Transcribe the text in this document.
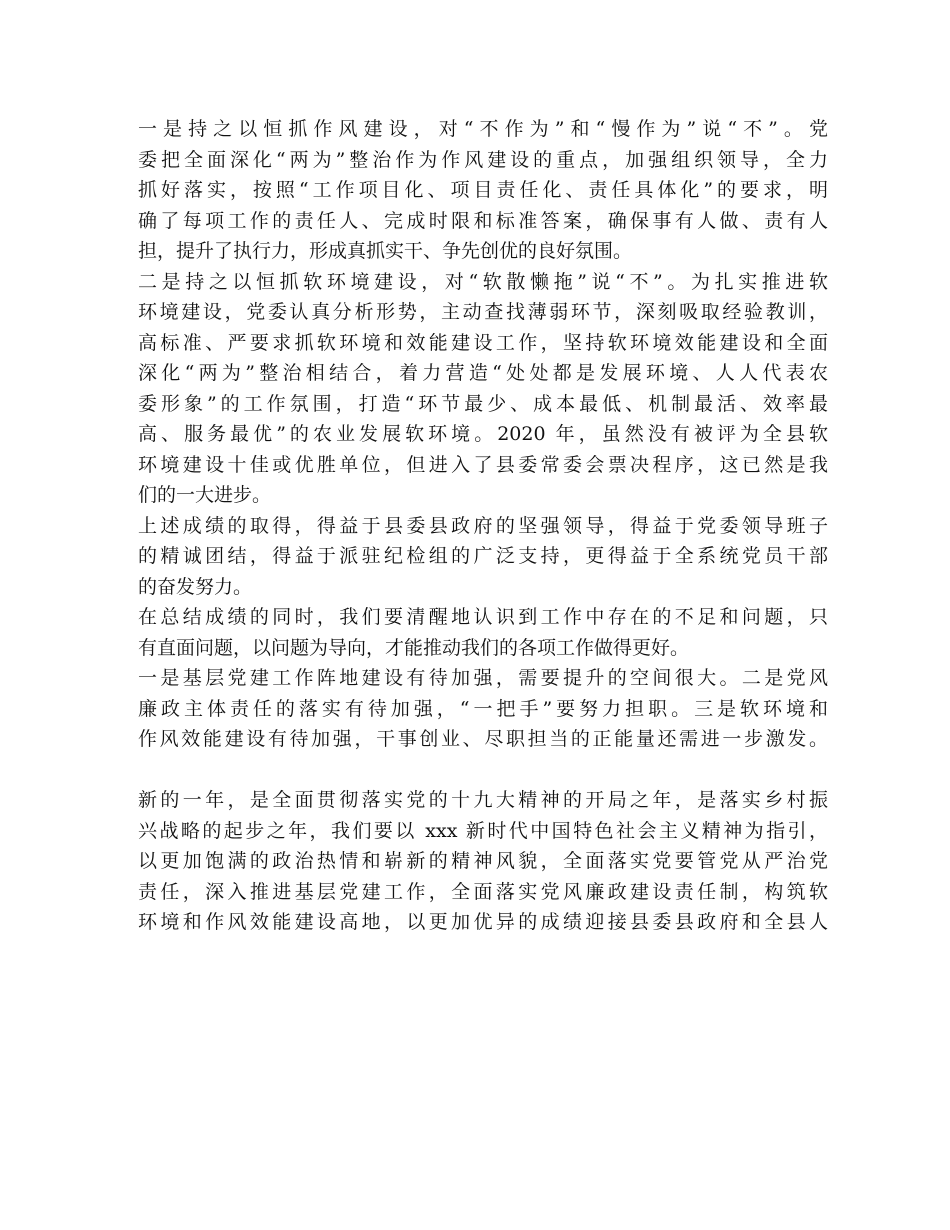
一是持之以恒抓作风建设，对“不作为”和“慢作为”说“不”。党
委把全面深化“两为”整治作为作风建设的重点，加强组织领导，全力
抓好落实，按照“工作项目化、项目责任化、责任具体化”的要求，明
确了每项工作的责任人、完成时限和标准答案，确保事有人做、责有人
担，提升了执行力，形成真抓实干、争先创优的良好氛围。
二是持之以恒抓软环境建设，对“软散懒拖”说“不”。为扎实推进软
环境建设，党委认真分析形势，主动查找薄弱环节，深刻吸取经验教训，
高标准、严要求抓软环境和效能建设工作，坚持软环境效能建设和全面
深化“两为”整治相结合，着力营造“处处都是发展环境、人人代表农
委形象”的工作氛围，打造“环节最少、成本最低、机制最活、效率最
高、服务最优”的农业发展软环境。2020 年，虽然没有被评为全县软
环境建设十佳或优胜单位，但进入了县委常委会票决程序，这已然是我
们的一大进步。
上述成绩的取得，得益于县委县政府的坚强领导，得益于党委领导班子
的精诚团结，得益于派驻纪检组的广泛支持，更得益于全系统党员干部
的奋发努力。
在总结成绩的同时，我们要清醒地认识到工作中存在的不足和问题，只
有直面问题，以问题为导向，才能推动我们的各项工作做得更好。
一是基层党建工作阵地建设有待加强，需要提升的空间很大。二是党风
廉政主体责任的落实有待加强，“一把手”要努力担职。三是软环境和
作风效能建设有待加强，干事创业、尽职担当的正能量还需进一步激发。
新的一年，是全面贯彻落实党的十九大精神的开局之年，是落实乡村振
兴战略的起步之年，我们要以 xxx 新时代中国特色社会主义精神为指引，
以更加饱满的政治热情和崭新的精神风貌，全面落实党要管党从严治党
责任，深入推进基层党建工作，全面落实党风廉政建设责任制，构筑软
环境和作风效能建设高地，以更加优异的成绩迎接县委县政府和全县人
